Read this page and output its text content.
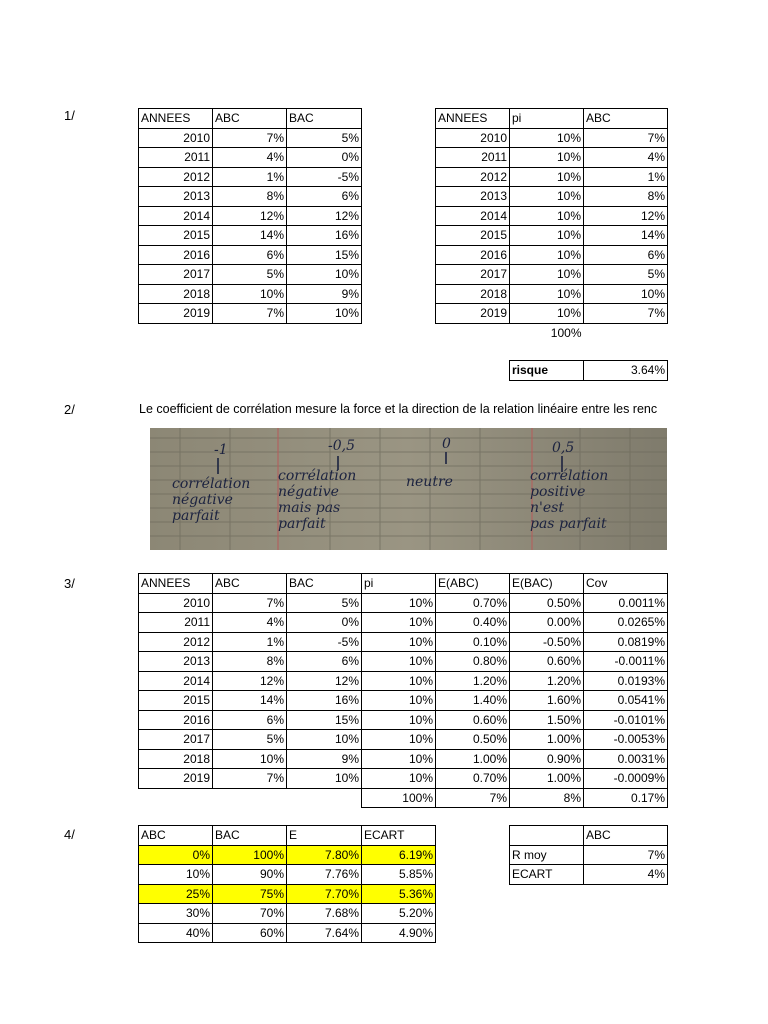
1/
2/
3/
4/
ANNEES	ABC	BAC
2010	7%	5%
2011	4%	0%
2012	1%	-5%
2013	8%	6%
2014	12%	12%
2015	14%	16%
2016	6%	15%
2017	5%	10%
2018	10%	9%
2019	7%	10%
ANNEES	pi	ABC
2010	10%	7%
2011	10%	4%
2012	10%	1%
2013	10%	8%
2014	10%	12%
2015	10%	14%
2016	10%	6%
2017	10%	5%
2018	10%	10%
2019	10%	7%
	100%	
risque	3.64%
Le coefficient de corrélation mesure la force et la direction de la relation linéaire entre les renc
-1	-0,5	0	0,5
corrélation
négative
parfait
corrélation
négative
mais pas
parfait
neutre	corrélation
positive
n'est
pas parfait
ANNEES	ABC	BAC	pi	E(ABC)	E(BAC)	Cov
2010	7%	5%	10%	0.70%	0.50%	0.0011%
2011	4%	0%	10%	0.40%	0.00%	0.0265%
2012	1%	-5%	10%	0.10%	-0.50%	0.0819%
2013	8%	6%	10%	0.80%	0.60%	-0.0011%
2014	12%	12%	10%	1.20%	1.20%	0.0193%
2015	14%	16%	10%	1.40%	1.60%	0.0541%
2016	6%	15%	10%	0.60%	1.50%	-0.0101%
2017	5%	10%	10%	0.50%	1.00%	-0.0053%
2018	10%	9%	10%	1.00%	0.90%	0.0031%
2019	7%	10%	10%	0.70%	1.00%	-0.0009%
			100%	7%	8%	0.17%
ABC	BAC	E	ECART
0%	100%	7.80%	6.19%
10%	90%	7.76%	5.85%
25%	75%	7.70%	5.36%
30%	70%	7.68%	5.20%
40%	60%	7.64%	4.90%
	ABC
R moy	7%
ECART	4%
